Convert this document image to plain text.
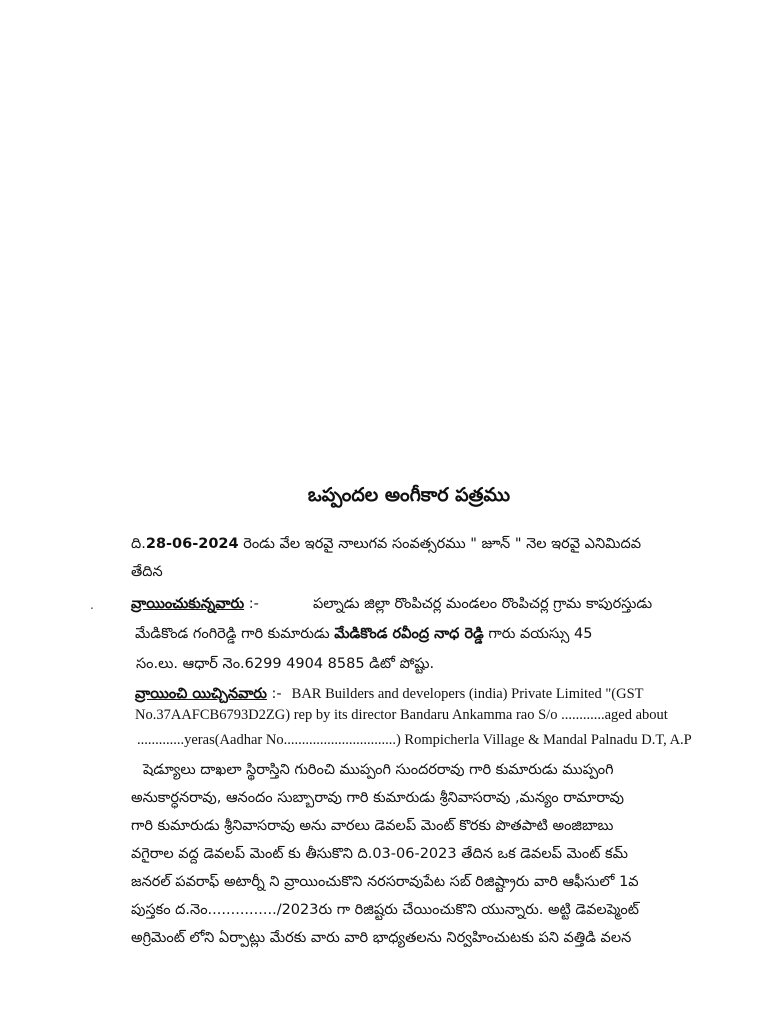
ఒప్పందల అంగీకార పత్రము
ది.28-06-2024 రెండు వేల ఇరవై నాలుగవ సంవత్సరము " జూన్ " నెల ఇరవై ఎనిమిదవ
తేదిన
.	వ్రాయించుకున్నవారు :-	పల్నాడు జిల్లా రొంపిచర్ల మండలం రొంపిచర్ల గ్రామ కాపురస్తుడు
మేడికొండ గంగిరెడ్డి గారి కుమారుడు మేడికొండ రవీంద్ర నాధ రెడ్డి గారు వయస్సు 45
సం.లు. ఆధార్ నెం.6299 4904 8585 డిటో పోష్టు.
వ్రాయించి యిచ్చినవారు :- BAR Builders and developers (india) Private Limited "(GST
No.37AAFCB6793D2ZG) rep by its director Bandaru Ankamma rao S/o ............aged about
.............yeras(Aadhar No...............................) Rompicherla Village & Mandal Palnadu D.T, A.P
షెడ్యూలు దాఖలా స్థిరాస్తిని గురించి ముప్పంగి సుందరరావు గారి కుమారుడు ముప్పంగి
అనుకార్ధనరావు, ఆనందం సుబ్బారావు గారి కుమారుడు శ్రీనివాసరావు ,మన్యం రామారావు
గారి కుమారుడు శ్రీనివాసరావు అను వారలు డెవలప్ మెంట్ కొరకు పొతపాటి అంజిబాబు
వగైరాల వద్ద డెవలప్ మెంట్ కు తీసుకొని ది.03-06-2023 తేదిన ఒక డెవలప్ మెంట్ కమ్
జనరల్ పవరాఫ్ అటార్నీ ని వ్రాయించుకొని నరసరావుపేట సబ్ రిజిష్ట్రారు వారి ఆఫీసులో 1వ
పుస్తకం ద.నెం.............../2023రు గా రిజిష్టరు చేయించుకొని యున్నారు. అట్టి డెవలప్మెంట్
అగ్రిమెంట్ లోని ఏర్పాట్లు మేరకు వారు వారి భాధ్యతలను నిర్వహించుటకు పని వత్తిడి వలన
